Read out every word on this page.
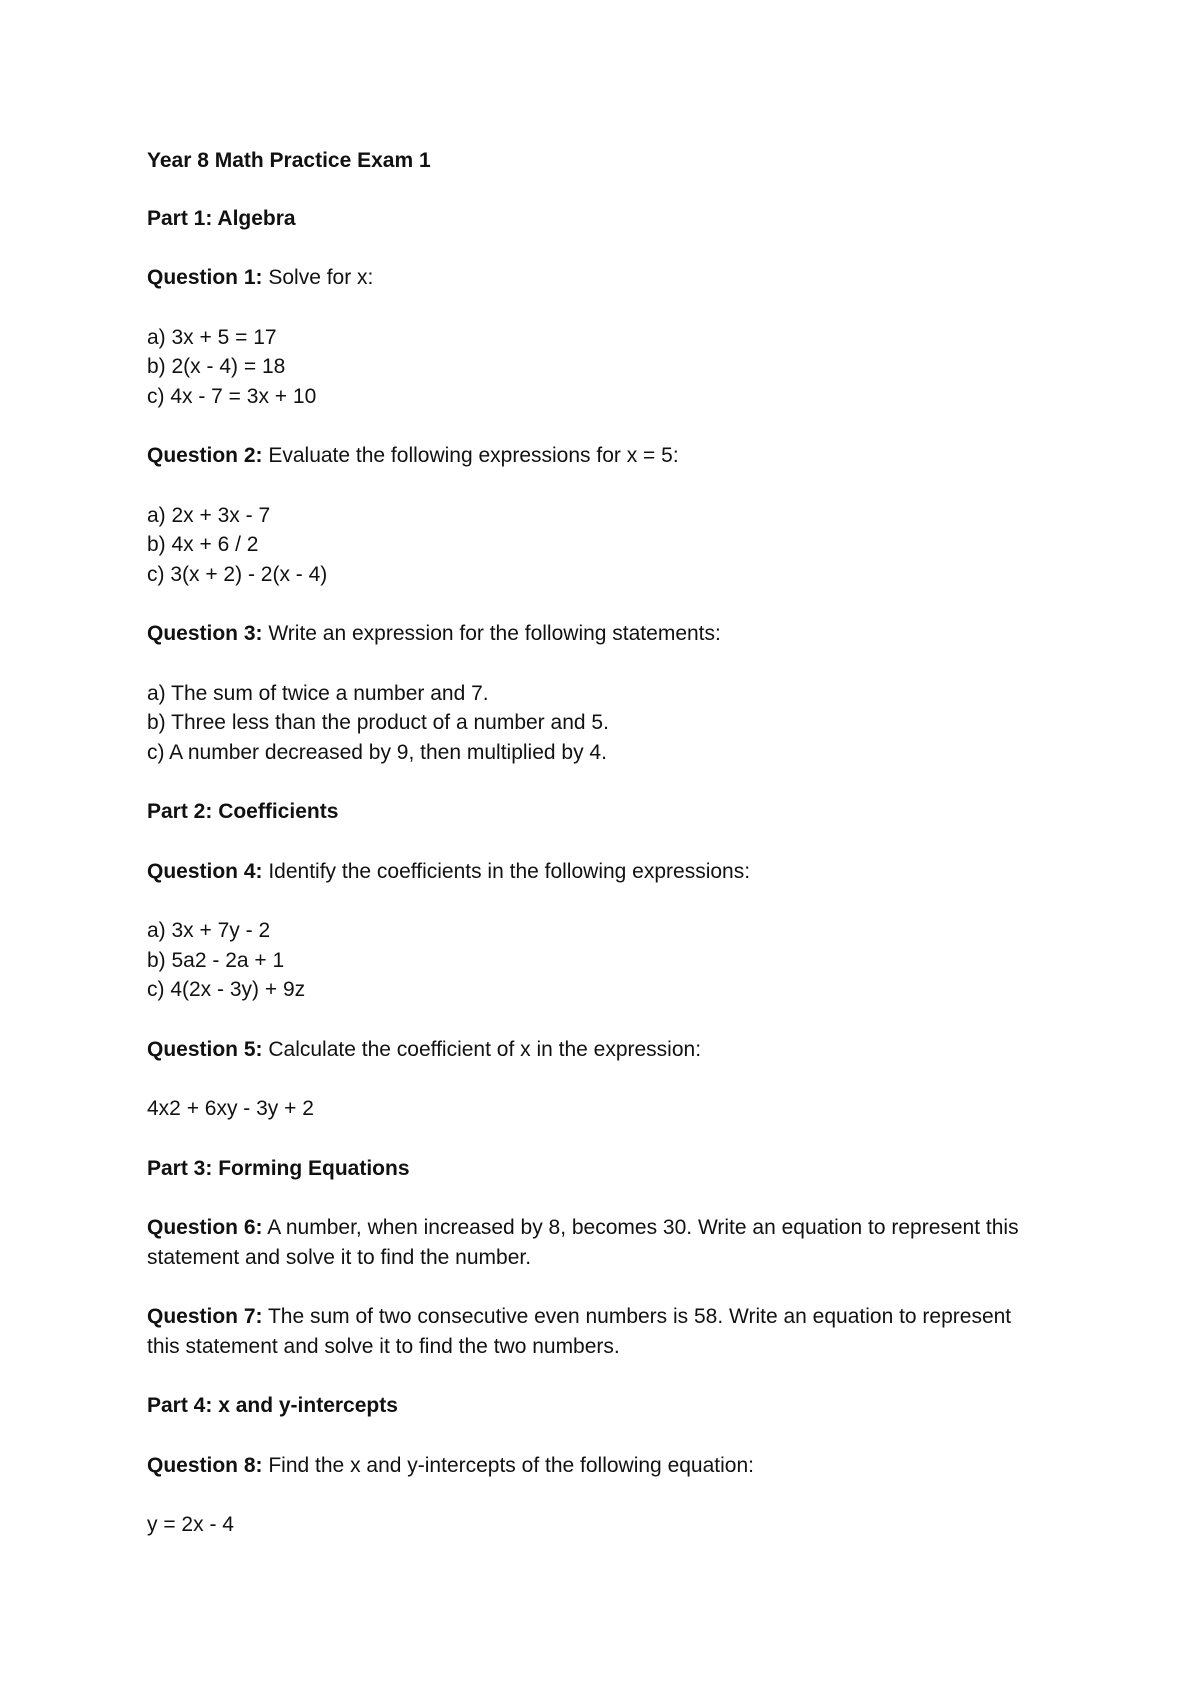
Year 8 Math Practice Exam 1

Part 1: Algebra

Question 1: Solve for x:

a) 3x + 5 = 17
b) 2(x - 4) = 18
c) 4x - 7 = 3x + 10

Question 2: Evaluate the following expressions for x = 5:

a) 2x + 3x - 7
b) 4x + 6 / 2
c) 3(x + 2) - 2(x - 4)

Question 3: Write an expression for the following statements:

a) The sum of twice a number and 7.
b) Three less than the product of a number and 5.
c) A number decreased by 9, then multiplied by 4.

Part 2: Coefficients

Question 4: Identify the coefficients in the following expressions:

a) 3x + 7y - 2
b) 5a2 - 2a + 1
c) 4(2x - 3y) + 9z

Question 5: Calculate the coefficient of x in the expression:

4x2 + 6xy - 3y + 2

Part 3: Forming Equations

Question 6: A number, when increased by 8, becomes 30. Write an equation to represent this statement and solve it to find the number.

Question 7: The sum of two consecutive even numbers is 58. Write an equation to represent this statement and solve it to find the two numbers.

Part 4: x and y-intercepts

Question 8: Find the x and y-intercepts of the following equation:

y = 2x - 4
